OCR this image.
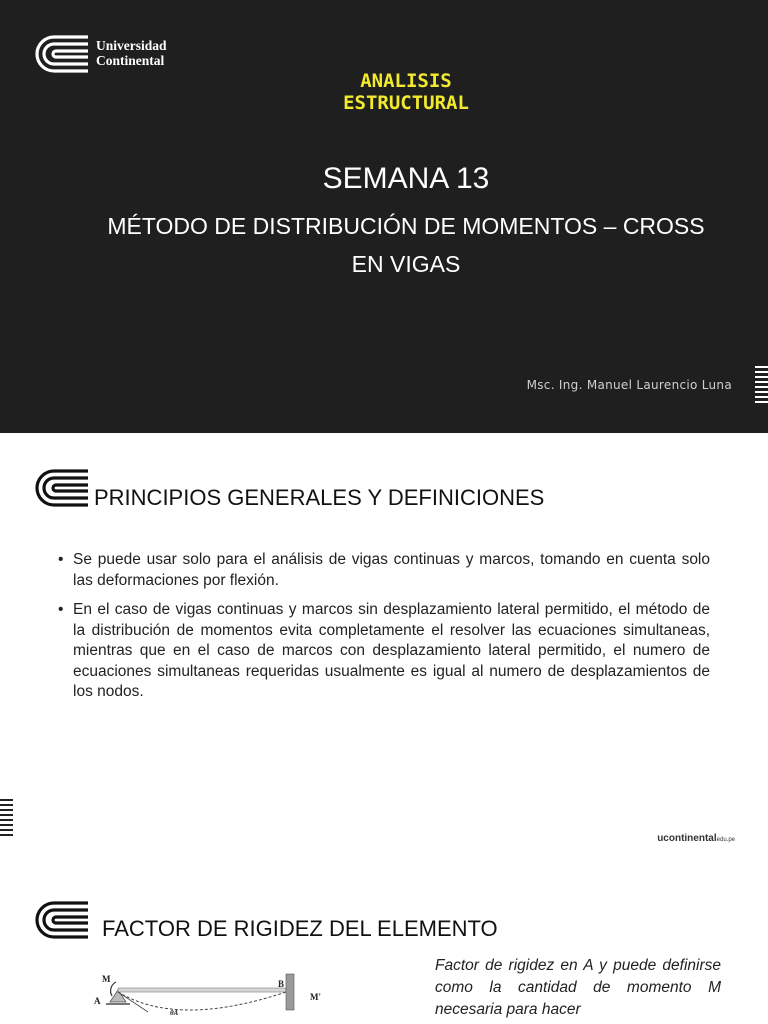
Universidad
Continental
ANALISIS
ESTRUCTURAL
SEMANA 13
MÉTODO DE DISTRIBUCIÓN DE MOMENTOS – CROSS
EN VIGAS
Msc. Ing. Manuel Laurencio Luna
PRINCIPIOS GENERALES Y DEFINICIONES
• Se puede usar solo para el análisis de vigas continuas y marcos, tomando en cuenta solo las deformaciones por flexión.
• En el caso de vigas continuas y marcos sin desplazamiento lateral permitido, el método de la distribución de momentos evita completamente el resolver las ecuaciones simultaneas, mientras que en el caso de marcos con desplazamiento lateral permitido, el numero de ecuaciones simultaneas requeridas usualmente es igual al numero de desplazamientos de los nodos.
ucontinentaledu.pe
FACTOR DE RIGIDEZ DEL ELEMENTO
M
A
B
M'
θA
Factor de rigidez en A y puede definirse como la cantidad de momento M necesaria para hacer
